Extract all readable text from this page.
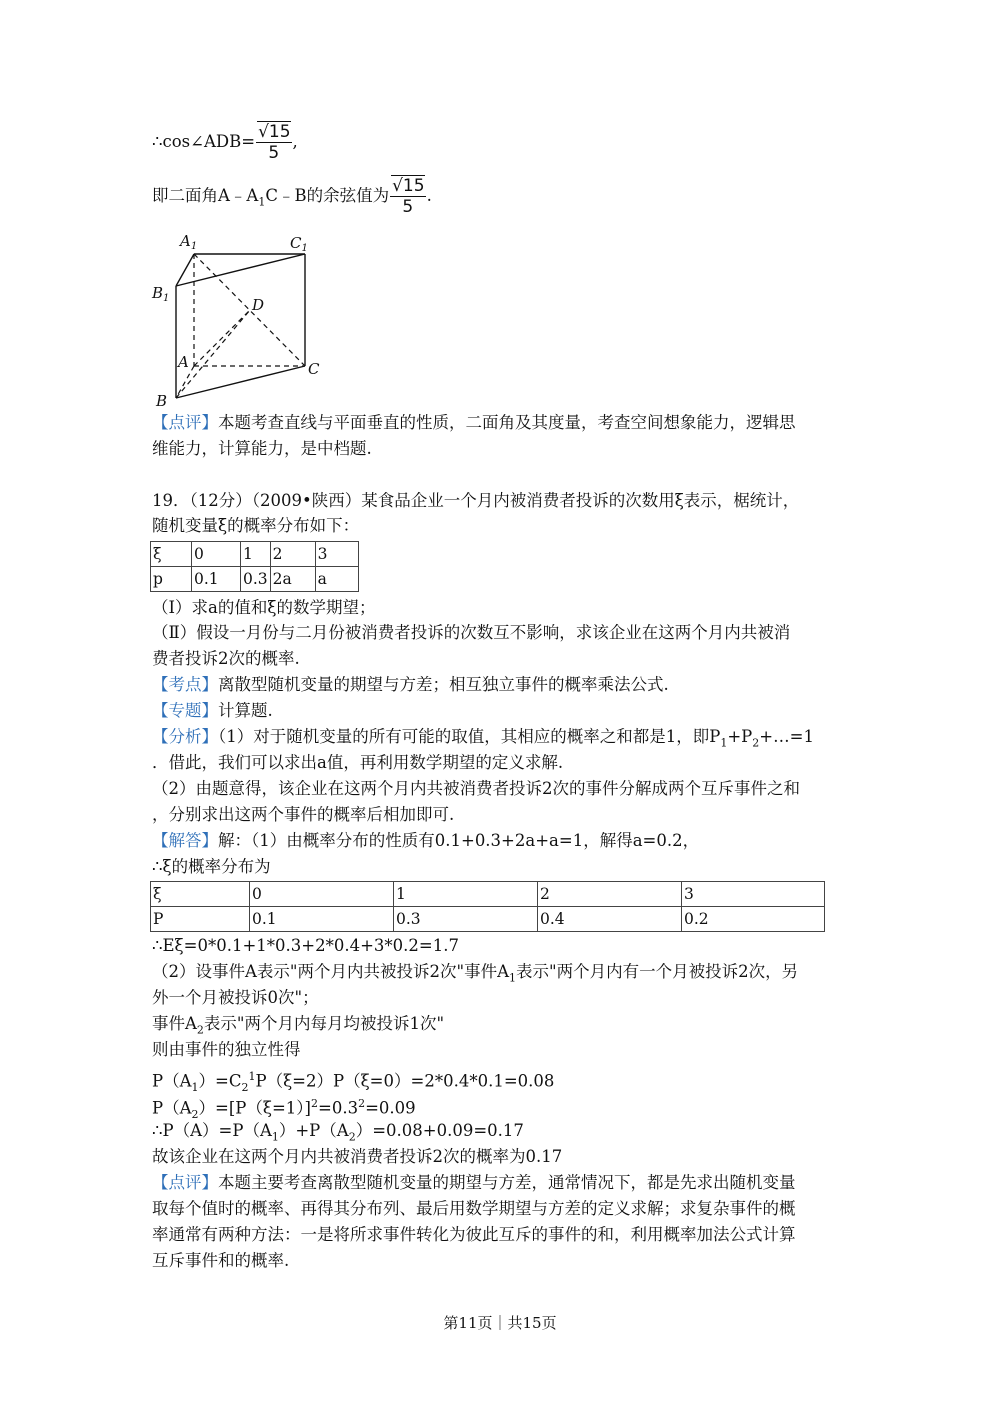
∴cos∠ADB= $\frac{√15}{5}$ ,
即二面角$A﹣A_1C﹣B$的余弦值为 $\frac{√15}{5}$ .
$A_1$	$C_1$
$B_1$	D
A	C
B
【点评】本题考查直线与平面垂直的性质，二面角及其度量，考查空间想象能力，逻辑思
维能力，计算能力，是中档题.
19．（12分）（2009•陕西）某食品企业一个月内被消费者投诉的次数用ξ表示，椐统计，
随机变量ξ的概率分布如下：
ξ	0	1	2	3
p	0.1	0.3	2a	a
（Ⅰ）求a的值和ξ的数学期望；
（Ⅱ）假设一月份与二月份被消费者投诉的次数互不影响，求该企业在这两个月内共被消
费者投诉2次的概率.
【考点】离散型随机变量的期望与方差；相互独立事件的概率乘法公式.
【专题】计算题.
【分析】（1）对于随机变量的所有可能的取值，其相应的概率之和都是1，即$P_1+P_2+\dots=1$
．借此，我们可以求出a值，再利用数学期望的定义求解.
（2）由题意得，该企业在这两个月内共被消费者投诉2次的事件分解成两个互斥事件之和
，分别求出这两个事件的概率后相加即可.
【解答】解：（1）由概率分布的性质有0.1+0.3+2a+a=1，解得a=0.2，
∴ξ的概率分布为
ξ	0	1	2	3
P	0.1	0.3	0.4	0.2
∴Eξ=0*0.1+1*0.3+2*0.4+3*0.2=1.7
（2）设事件A表示"两个月内共被投诉2次"事件$A_1$表示"两个月内有一个月被投诉2次，另
外一个月被投诉0次"；
事件$A_2$表示"两个月内每月均被投诉1次"
则由事件的独立性得
$P(A_1)=C_2^1P(\xi=2)P(\xi=0)=2*0.4*0.1=0.08$
$P(A_2)=[P(\xi=1)]^2=0.3^2=0.09$
$\therefore P(A)=P(A_1)+P(A_2)=0.08+0.09=0.17$
故该企业在这两个月内共被消费者投诉2次的概率为0.17
【点评】本题主要考查离散型随机变量的期望与方差，通常情况下，都是先求出随机变量
取每个值时的概率、再得其分布列、最后用数学期望与方差的定义求解；求复杂事件的概
率通常有两种方法：一是将所求事件转化为彼此互斥的事件的和，利用概率加法公式计算
互斥事件和的概率.
第11页｜共15页
